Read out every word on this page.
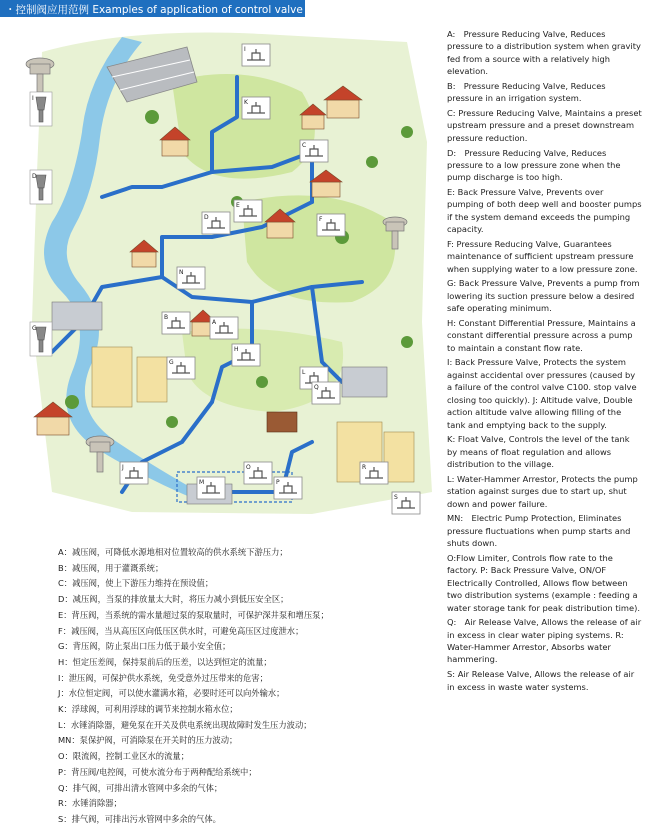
・控制阀应用范例 Examples of application of control valve
I
D
G
I
K
C
E
F
D
N
B
A
G
H
L
J	O
M	P
Q
R
S

A:　Pressure Reducing Valve, Reduces pressure to a distribution system when gravity fed from a source with a relatively high elevation.

B:　Pressure Reducing Valve, Reduces pressure in an irrigation system.

C: Pressure Reducing Valve, Maintains a preset upstream pressure and a preset downstream pressure reduction.

D:　Pressure Reducing Valve, Reduces pressure to a low pressure zone when the pump discharge is too high.

E: Back Pressure Valve, Prevents over pumping of both deep well and booster pumps if the system demand exceeds the pumping capacity.

F: Pressure Reducing Valve, Guarantees maintenance of sufficient upstream pressure when supplying water to a low pressure zone.

G: Back Pressure Valve, Prevents a pump from lowering its suction pressure below a desired safe operating minimum.

H: Constant Differential Pressure, Maintains a constant differential pressure across a pump to maintain a constant flow rate.

I: Back Pressure Valve, Protects the system against accidental over pressures (caused by a failure of the control valve C100. stop valve closing too quickly). J: Altitude valve, Double action altitude valve allowing filling of the tank and emptying back to the supply.

K: Float Valve, Controls the level of the tank by means of float regulation and allows distribution to the village.

L: Water-Hammer Arrestor, Protects the pump station against surges due to start up, shut down and power failure.

MN:　Electric Pump Protection, Eliminates pressure fluctuations when pump starts and shuts down.

O:Flow Limiter, Controls flow rate to the factory. P: Back Pressure Valve, ON/OF Electrically Controlled, Allows flow between two distribution systems (example : feeding a water storage tank for peak distribution time).

Q:　Air Release Valve, Allows the release of air in excess in clear water piping systems. R: Water-Hammer Arrestor, Absorbs water hammering.

S: Air Release Valve, Allows the release of air in excess in waste water systems.

A：减压阀，可降低水源地相对位置较高的供水系统下游压力；
B：减压阀，用于灌溉系统；
C：减压阀，使上下游压力维持在预设值；
D：减压阀，当泵的排放量太大时，将压力减小到低压安全区；
E：背压阀，当系统的需水量超过泵的泵取量时，可保护深井泵和增压泵；
F：减压阀，当从高压区向低压区供水时，可避免高压区过度泄水；
G：背压阀，防止泵出口压力低于最小安全值；
H：恒定压差阀，保持泵前后的压差，以达到恒定的流量；
I：泄压阀，可保护供水系统，免受意外过压带来的危害；
J：水位恒定阀，可以使水灌满水箱，必要时还可以向外输水；
K：浮球阀，可利用浮球的调节来控制水箱水位；
L：水锤消除器，避免泵在开关及供电系统出现故障时发生压力波动；
MN：泵保护阀，可消除泵在开关时的压力波动；
O：限流阀，控制工业区水的流量；
P：背压阀/电控阀，可使水流分布于两种配给系统中；
Q：排气阀，可排出清水管网中多余的气体；
R：水锤消除器；
S：排气阀，可排出污水管网中多余的气体。
